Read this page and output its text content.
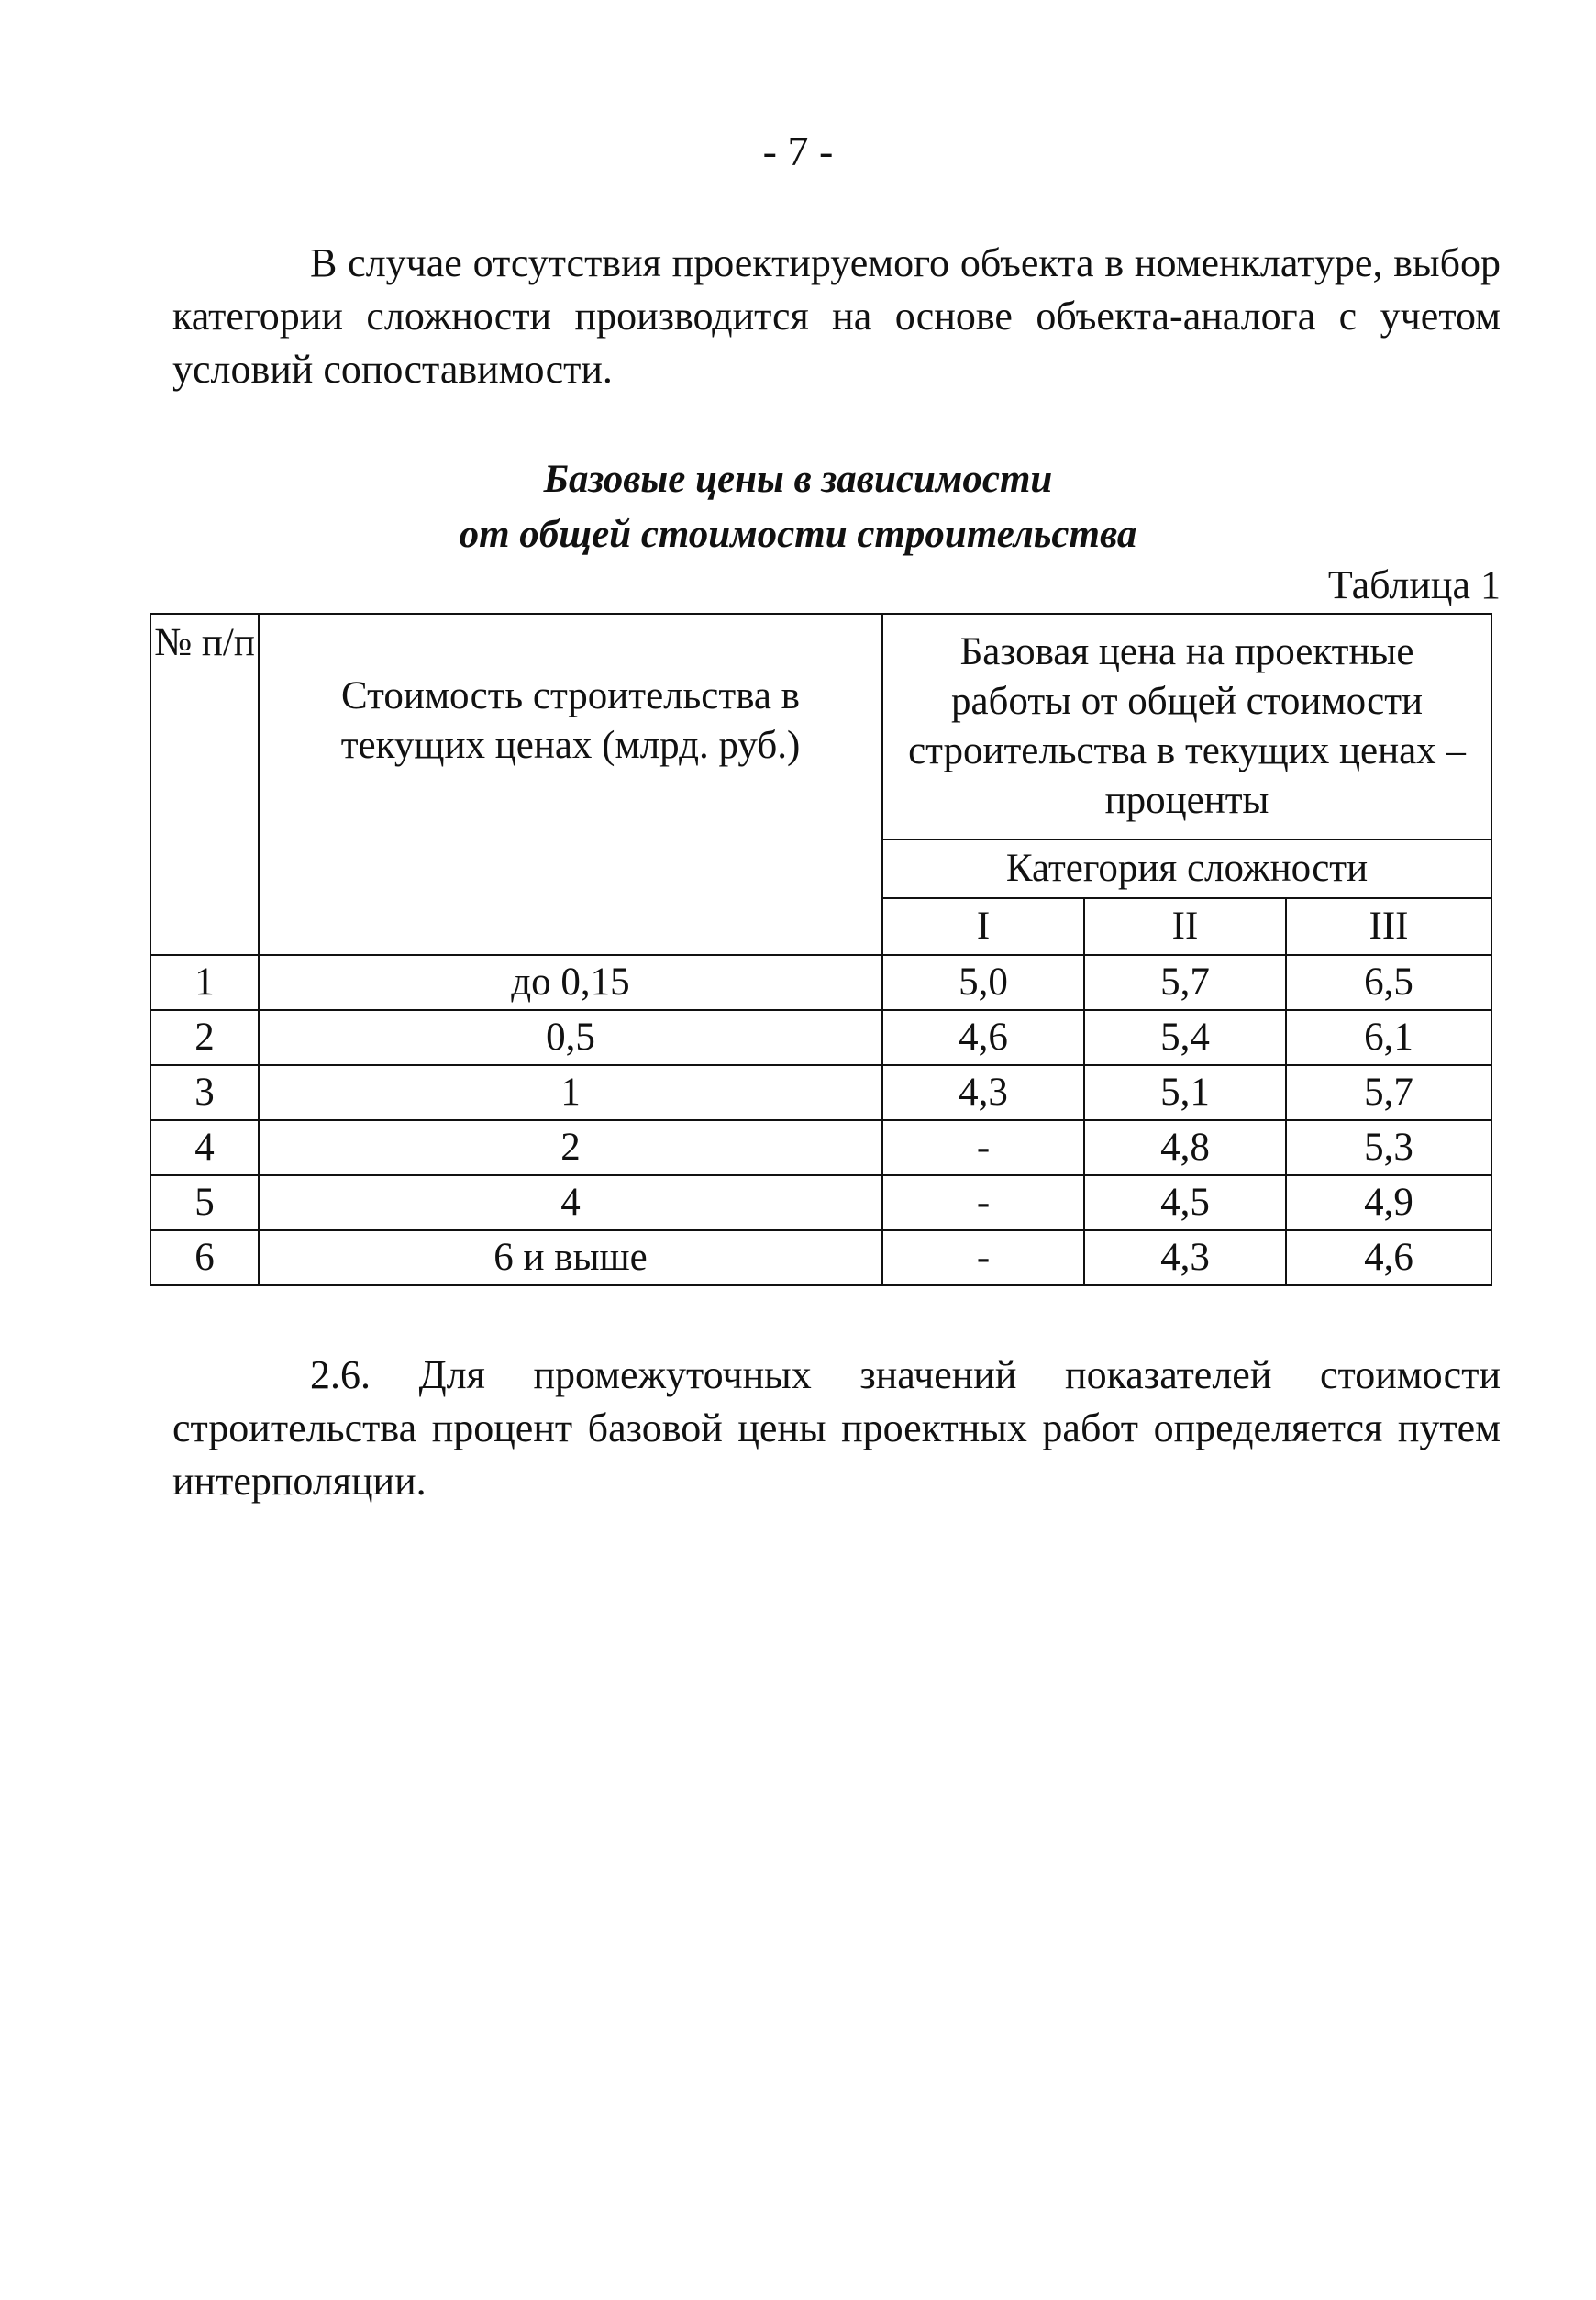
- 7 -
В случае отсутствия проектируемого объекта в номенклатуре, выбор категории сложности производится на основе объекта-аналога с учетом условий сопоставимости.
Базовые цены в зависимости
от общей стоимости строительства
Таблица 1
№ п/п	Стоимость строительства в текущих ценах (млрд. руб.)	Базовая цена на проектные работы от общей стоимости строительства в текущих ценах – проценты		
		Категория сложности		
		I	II	III
1	до 0,15	5,0	5,7	6,5
2	0,5	4,6	5,4	6,1
3	1	4,3	5,1	5,7
4	2	-	4,8	5,3
5	4	-	4,5	4,9
6	6 и выше	-	4,3	4,6
2.6. Для промежуточных значений показателей стоимости строительства процент базовой цены проектных работ определяется путем интерполяции.
